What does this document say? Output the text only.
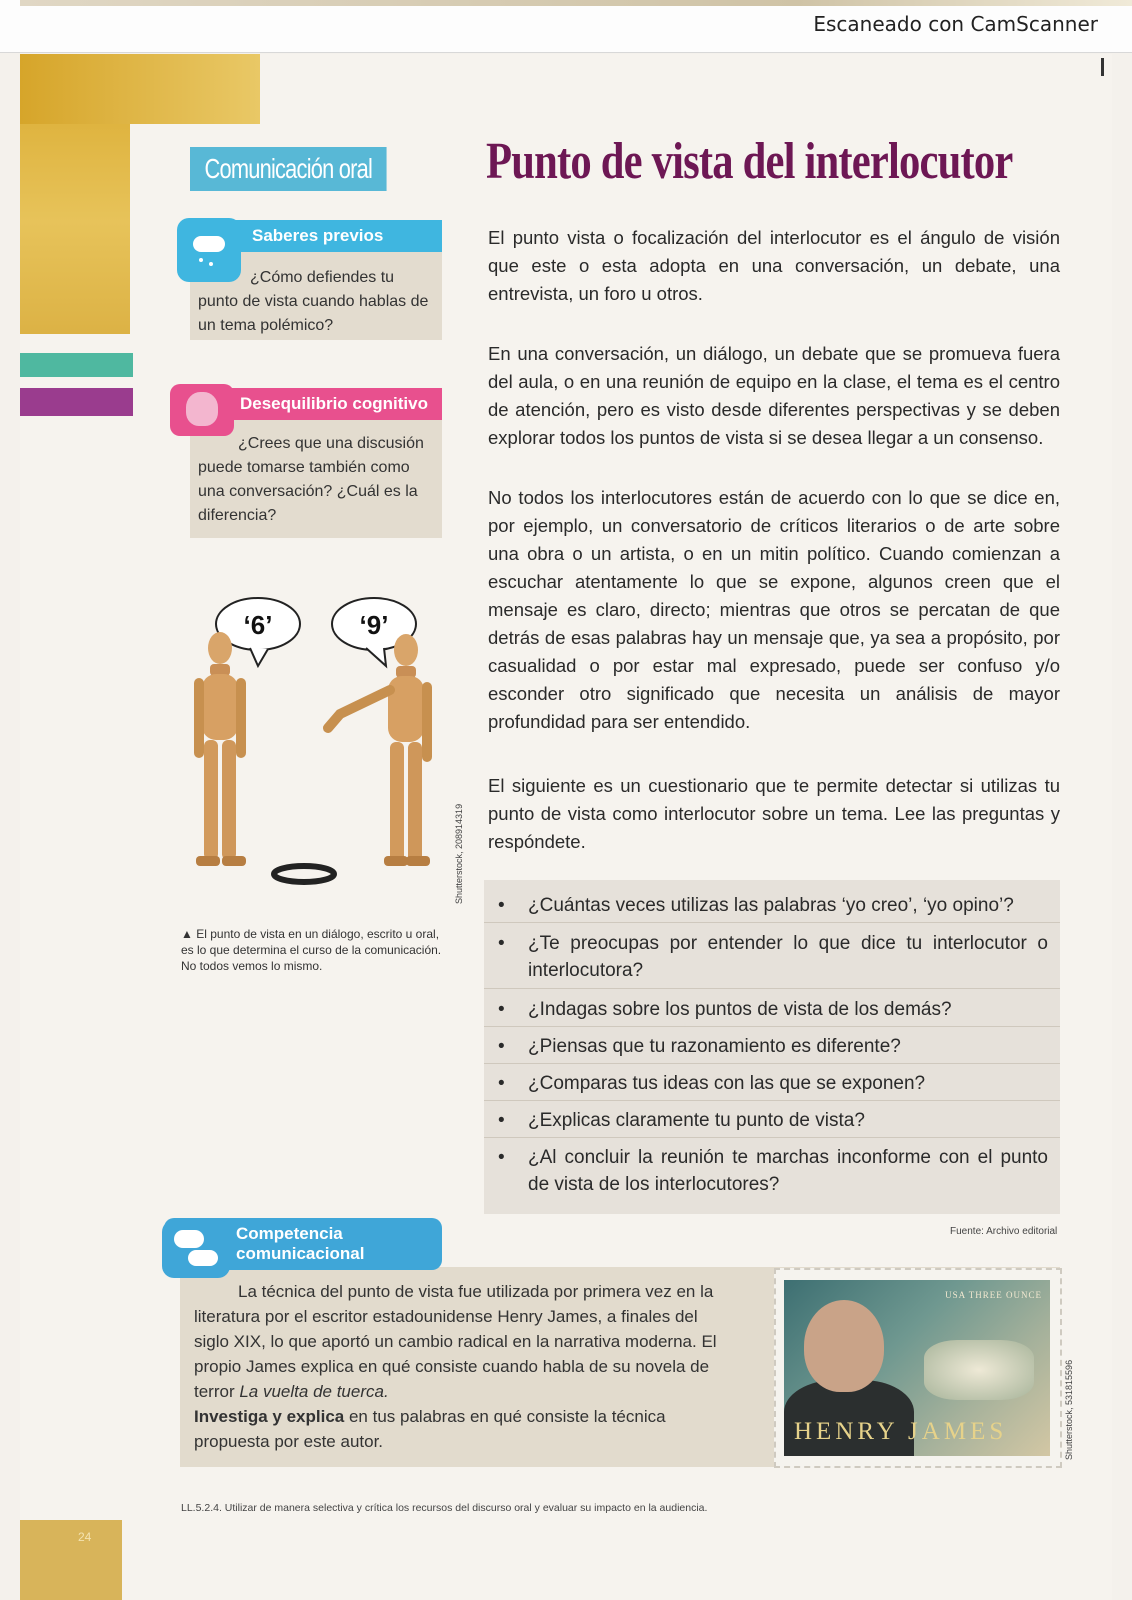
Escaneado con CamScanner
24
Comunicación oral Punto de vista del interlocutor
¿Cómo defiendes tu punto de vista cuando hablas de un tema polémico?
Saberes previos
¿Crees que una discusión puede tomarse también como una conversación? ¿Cuál es la diferencia?
Desequilibrio cognitivo
El punto vista o focalización del interlocutor es el ángulo de visión que este o esta adopta en una conversación, un debate, una entrevista, un foro u otros.
En una conversación, un diálogo, un debate que se promueva fuera del aula, o en una reunión de equipo en la clase, el tema es el centro de atención, pero es visto desde diferentes perspectivas y se deben explorar todos los puntos de vista si se desea llegar a un consenso.
No todos los interlocutores están de acuerdo con lo que se dice en, por ejemplo, un conversatorio de críticos literarios o de arte sobre una obra o un artista, o en un mitin político. Cuando comienzan a escuchar atentamente lo que se expone, algunos creen que el mensaje es claro, directo; mientras que otros se percatan de que detrás de esas palabras hay un mensaje que, ya sea a propósito, por casualidad o por estar mal expresado, puede ser confuso y/o esconder otro significado que necesita un análisis de mayor profundidad para ser entendido.
El siguiente es un cuestionario que te permite detectar si utilizas tu punto de vista como interlocutor sobre un tema. Lee las preguntas y respóndete.
‘6’	‘9’
Shutterstock, 208914319
▲ El punto de vista en un diálogo, escrito u oral, es lo que determina el curso de la comunicación. No todos vemos lo mismo.
• ¿Cuántas veces utilizas las palabras ‘yo creo’, ‘yo opino’?
• ¿Te preocupas por entender lo que dice tu interlocutor o interlocutora?
• ¿Indagas sobre los puntos de vista de los demás?
• ¿Piensas que tu razonamiento es diferente?
• ¿Comparas tus ideas con las que se exponen?
• ¿Explicas claramente tu punto de vista?
• ¿Al concluir la reunión te marchas inconforme con el punto de vista de los interlocutores?
Fuente: Archivo editorial
La técnica del punto de vista fue utilizada por primera vez en la literatura por el escritor estadounidense Henry James, a finales del siglo XIX, lo que aportó un cambio radical en la narrativa moderna. El propio James explica en qué consiste cuando habla de su novela de terror La vuelta de tuerca.
Investiga y explica en tus palabras en qué consiste la técnica propuesta por este autor.
Competencia
comunicacional
USA THREE OUNCE
HENRY JAMES	Shutterstock, 531815596
LL.5.2.4. Utilizar de manera selectiva y crítica los recursos del discurso oral y evaluar su impacto en la audiencia.
